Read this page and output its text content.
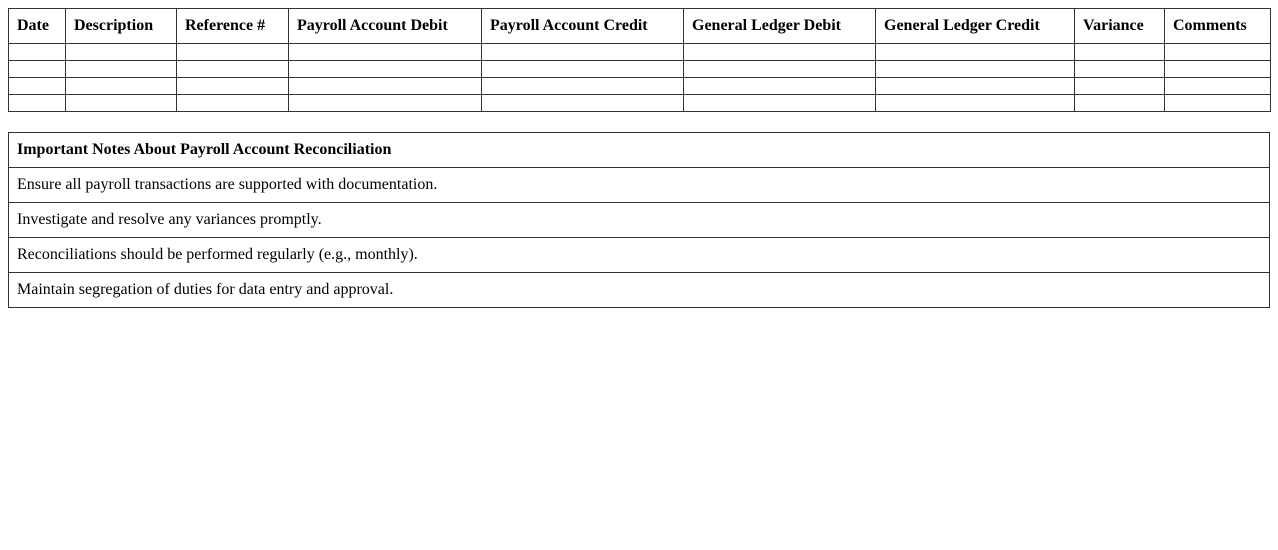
Date	Description	Reference #	Payroll Account Debit	Payroll Account Credit	General Ledger Debit	General Ledger Credit	Variance	Comments

Important Notes About Payroll Account Reconciliation
Ensure all payroll transactions are supported with documentation.
Investigate and resolve any variances promptly.
Reconciliations should be performed regularly (e.g., monthly).
Maintain segregation of duties for data entry and approval.
